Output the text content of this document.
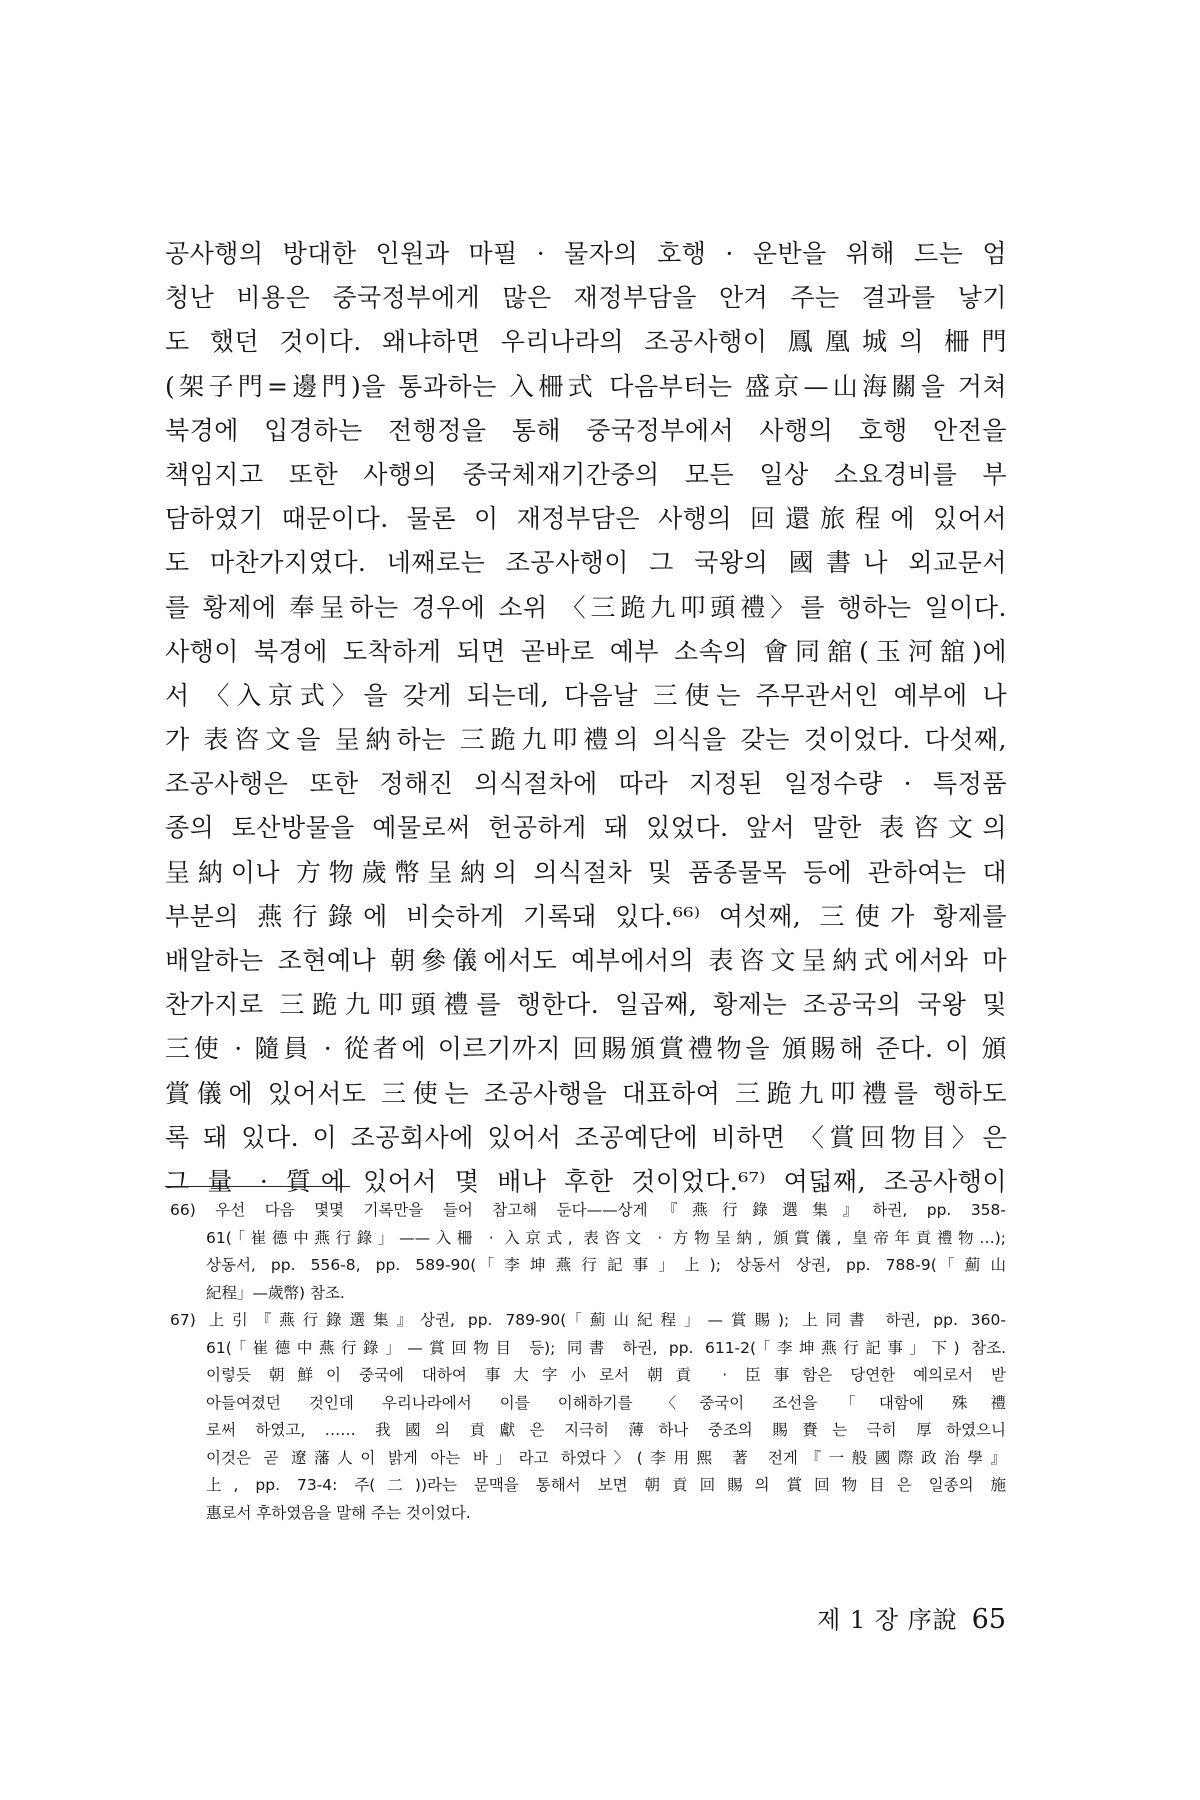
공사행의 방대한 인원과 마필 · 물자의 호행 · 운반을 위해 드는 엄
청난 비용은 중국정부에게 많은 재정부담을 안겨 주는 결과를 낳기
도 했던 것이다. 왜냐하면 우리나라의 조공사행이 鳳凰城의 柵門
(架子門=邊門)을 통과하는 入柵式 다음부터는 盛京—山海關을 거쳐
북경에 입경하는 전행정을 통해 중국정부에서 사행의 호행 안전을
책임지고 또한 사행의 중국체재기간중의 모든 일상 소요경비를 부
담하였기 때문이다. 물론 이 재정부담은 사행의 回還旅程에 있어서
도 마찬가지였다. 네째로는 조공사행이 그 국왕의 國書나 외교문서
를 황제에 奉呈하는 경우에 소위 〈三跪九叩頭禮〉를 행하는 일이다.
사행이 북경에 도착하게 되면 곧바로 예부 소속의 會同舘(玉河舘)에
서 〈入京式〉을 갖게 되는데, 다음날 三使는 주무관서인 예부에 나
가 表咨文을 呈納하는 三跪九叩禮의 의식을 갖는 것이었다. 다섯째,
조공사행은 또한 정해진 의식절차에 따라 지정된 일정수량 · 특정품
종의 토산방물을 예물로써 헌공하게 돼 있었다. 앞서 말한 表咨文의
呈納이나 方物歲幣呈納의 의식절차 및 품종물목 등에 관하여는 대
부분의 燕行錄에 비슷하게 기록돼 있다.⁶⁶⁾ 여섯째, 三使가 황제를
배알하는 조현예나 朝參儀에서도 예부에서의 表咨文呈納式에서와 마
찬가지로 三跪九叩頭禮를 행한다. 일곱째, 황제는 조공국의 국왕 및
三使 · 隨員 · 從者에 이르기까지 回賜頒賞禮物을 頒賜해 준다. 이 頒
賞儀에 있어서도 三使는 조공사행을 대표하여 三跪九叩禮를 행하도
록 돼 있다. 이 조공회사에 있어서 조공예단에 비하면 〈賞回物目〉은
그 量 · 質에 있어서 몇 배나 후한 것이었다.⁶⁷⁾ 여덟째, 조공사행이
66) 우선 다음 몇몇 기록만을 들어 참고해 둔다——상게『燕行錄選集』하권, pp. 358-
61(「崔德中燕行錄」——入柵 · 入京式, 表咨文 · 方物呈納, 頒賞儀, 皇帝年貢禮物…);
상동서, pp. 556-8, pp. 589-90(「李坤燕行記事」上); 상동서 상권, pp. 788-9(「薊山
紀程」—歲幣) 참조.
67) 上引『燕行錄選集』상권, pp. 789-90(「薊山紀程」—賞賜); 上同書 하권, pp. 360-
61(「崔德中燕行錄」—賞回物目 등); 同書 하권, pp. 611-2(「李坤燕行記事」下) 참조.
이렇듯 朝鮮이 중국에 대하여 事大字小로서 朝貢 · 臣事함은 당연한 예의로서 받
아들여졌던 것인데 우리나라에서 이를 이해하기를 〈중국이 조선을「대함에 殊禮
로써 하였고, …… 我國의 貢獻은 지극히 薄하나 중조의 賜賚는 극히 厚하였으니
이것은 곧 遼藩人이 밝게 아는 바」라고 하였다〉(李用熙 著 전게『一般國際政治學』
上, pp. 73-4: 주(二))라는 문맥을 통해서 보면 朝貢回賜의 賞回物目은 일종의 施
惠로서 후하였음을 말해 주는 것이었다.
제 1 장 序說 65
